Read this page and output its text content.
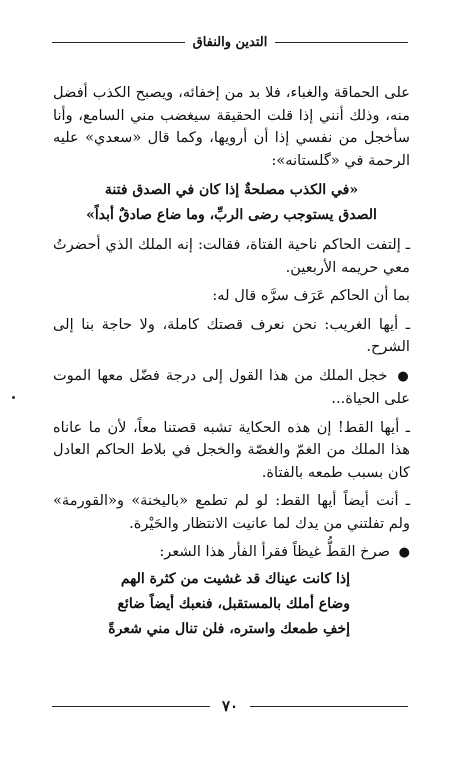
التدين والنفاق

على الحماقة والغباء، فلا بد من إخفائه، ويصبح الكذب أفضل منه، وذلك أنني إذا قلت الحقيقة سيغضب مني السامع، وأنا سأخجل من نفسي إذا أن أرويها، وكما قال «سعدي» عليه الرحمة في «گلستانه»:

«في الكذب مصلحةٌ إذا كان في الصدق فتنة
الصدق يستوجب رضى الربِّ، وما ضاع صادقٌ أبداً»

ـ إلتفت الحاكم ناحية الفتاة، فقالت: إنه الملك الذي أحضرتُ معي حريمه الأربعين.

بما أن الحاكم عَرَف سرَّه قال له:

ـ أيها الغريب: نحن نعرف قصتك كاملة، ولا حاجة بنا إلى الشرح.

● خجل الملك من هذا القول إلى درجة فضّل معها الموت على الحياة...

ـ أيها القط! إن هذه الحكاية تشبه قصتنا معاً، لأن ما عاناه هذا الملك من الغمّ والغصّة والخجل في بلاط الحاكم العادل كان بسبب طمعه بالفتاة.

ـ أنت أيضاً أيها القط: لو لم تطمع «باليخنة» و«القورمة» ولم تفلتني من يدك لما عانيت الانتظار والحَيْرة.

● صرخ القطُّ غيظاً فقرأ الفأر هذا الشعر:

إذا كانت عيناك قد غشيت من كثرة الهم
وضاع أملك بالمستقبل، فنعبك أيضاً ضائع
إخفِ طمعك واستره، فلن تنال مني شعرةً
٧٠
